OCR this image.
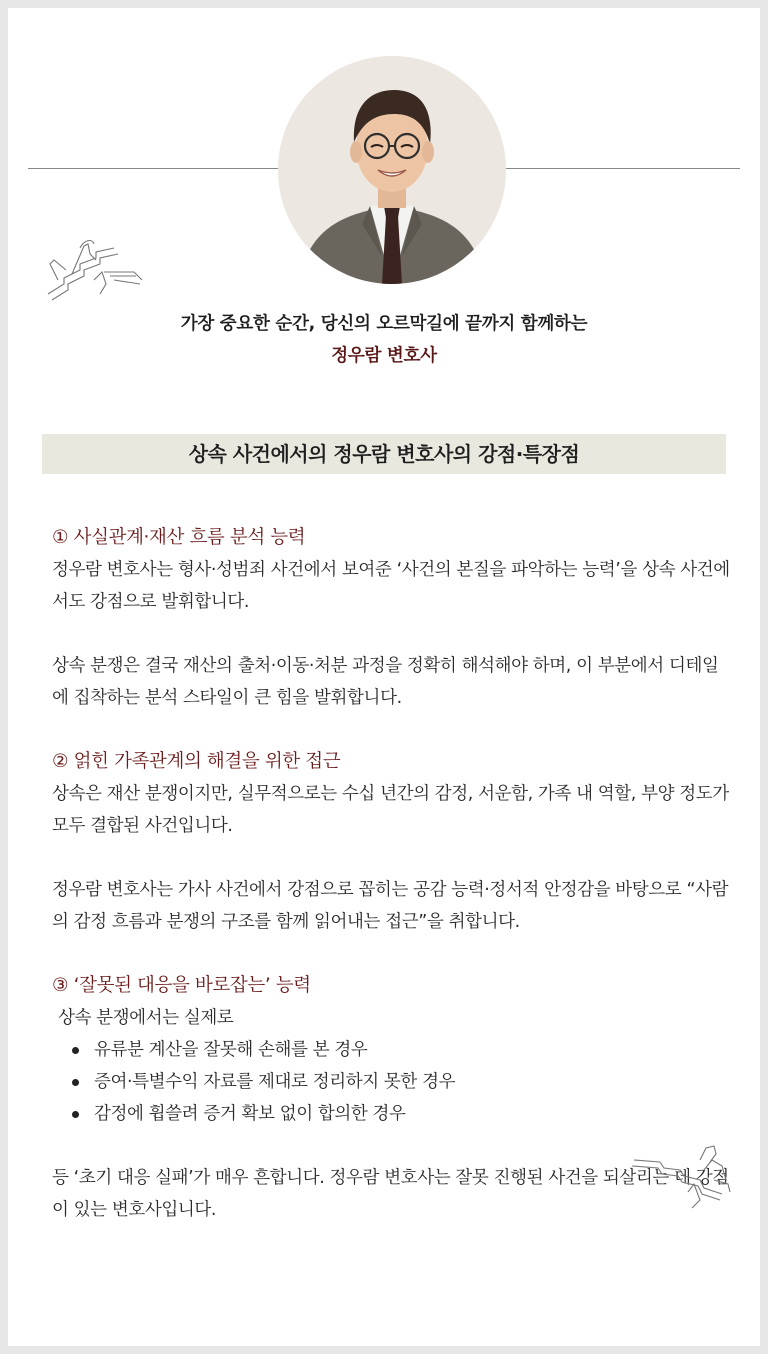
가장 중요한 순간, 당신의 오르막길에 끝까지 함께하는
정우람 변호사
상속 사건에서의 정우람 변호사의 강점·특장점

① 사실관계·재산 흐름 분석 능력

정우람 변호사는 형사·성범죄 사건에서 보여준 ‘사건의 본질을 파악하는 능력’을 상속 사건에서도 강점으로 발휘합니다.

상속 분쟁은 결국 재산의 출처·이동·처분 과정을 정확히 해석해야 하며, 이 부분에서 디테일에 집착하는 분석 스타일이 큰 힘을 발휘합니다.

② 얽힌 가족관계의 해결을 위한 접근

상속은 재산 분쟁이지만, 실무적으로는 수십 년간의 감정, 서운함, 가족 내 역할, 부양 정도가 모두 결합된 사건입니다.

정우람 변호사는 가사 사건에서 강점으로 꼽히는 공감 능력·정서적 안정감을 바탕으로 “사람의 감정 흐름과 분쟁의 구조를 함께 읽어내는 접근”을 취합니다.

③ ‘잘못된 대응을 바로잡는’ 능력

상속 분쟁에서는 실제로

유류분 계산을 잘못해 손해를 본 경우
증여·특별수익 자료를 제대로 정리하지 못한 경우
감정에 휩쓸려 증거 확보 없이 합의한 경우

등 ‘초기 대응 실패’가 매우 흔합니다. 정우람 변호사는 잘못 진행된 사건을 되살리는 데 강점이 있는 변호사입니다.
